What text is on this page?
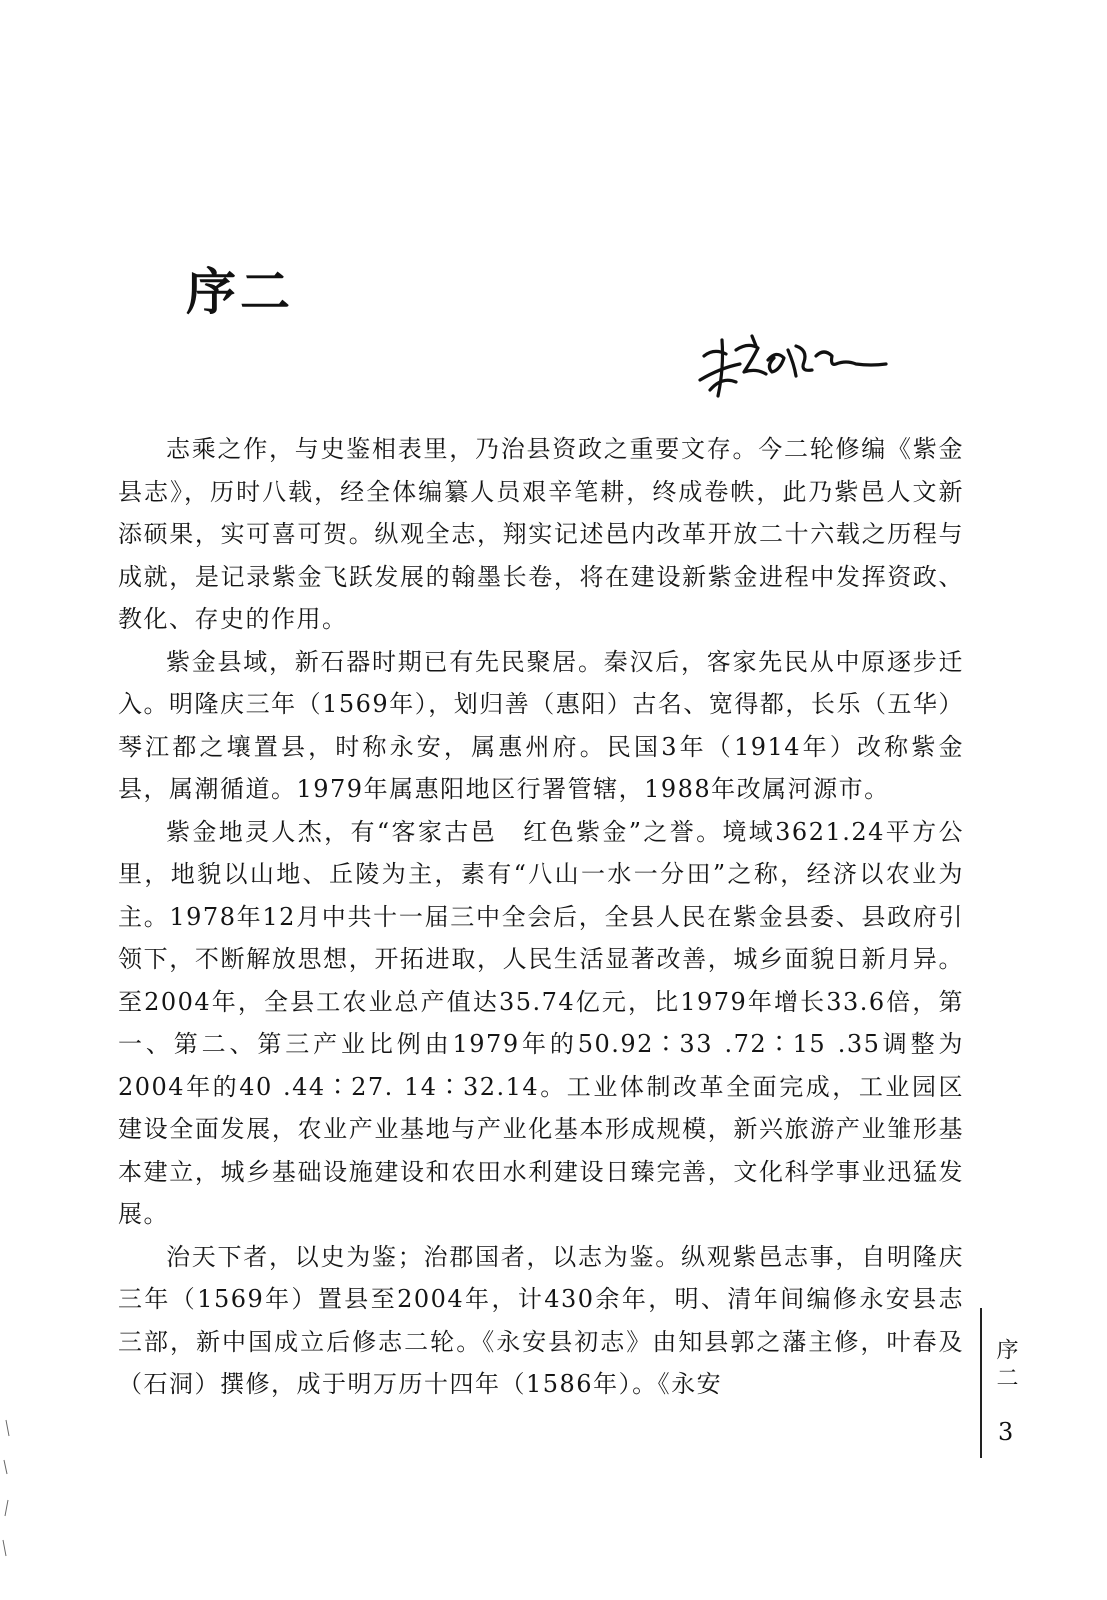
序二

志乘之作，与史鉴相表里，乃治县资政之重要文存。今二轮修编《紫金县志》，历时八载，经全体编纂人员艰辛笔耕，终成卷帙，此乃紫邑人文新添硕果，实可喜可贺。纵观全志，翔实记述邑内改革开放二十六载之历程与成就，是记录紫金飞跃发展的翰墨长卷，将在建设新紫金进程中发挥资政、教化、存史的作用。

紫金县域，新石器时期已有先民聚居。秦汉后，客家先民从中原逐步迁入。明隆庆三年（1569年），划归善（惠阳）古名、宽得都，长乐（五华）琴江都之壤置县，时称永安，属惠州府。民国3年（1914年）改称紫金县，属潮循道。1979年属惠阳地区行署管辖，1988年改属河源市。

紫金地灵人杰，有“客家古邑　红色紫金”之誉。境域3621.24平方公里，地貌以山地、丘陵为主，素有“八山一水一分田”之称，经济以农业为主。1978年12月中共十一届三中全会后，全县人民在紫金县委、县政府引领下，不断解放思想，开拓进取，人民生活显著改善，城乡面貌日新月异。至2004年，全县工农业总产值达35.74亿元，比1979年增长33.6倍，第一、第二、第三产业比例由1979年的50.92∶33 .72∶15 .35调整为2004年的40 .44∶27. 14∶32.14。工业体制改革全面完成，工业园区建设全面发展，农业产业基地与产业化基本形成规模，新兴旅游产业雏形基本建立，城乡基础设施建设和农田水利建设日臻完善，文化科学事业迅猛发展。

治天下者，以史为鉴；治郡国者，以志为鉴。纵观紫邑志事，自明隆庆三年（1569年）置县至2004年，计430余年，明、清年间编修永安县志三部，新中国成立后修志二轮。《永安县初志》由知县郭之藩主修，叶春及（石洞）撰修，成于明万历十四年（1586年）。《永安	序二
3
